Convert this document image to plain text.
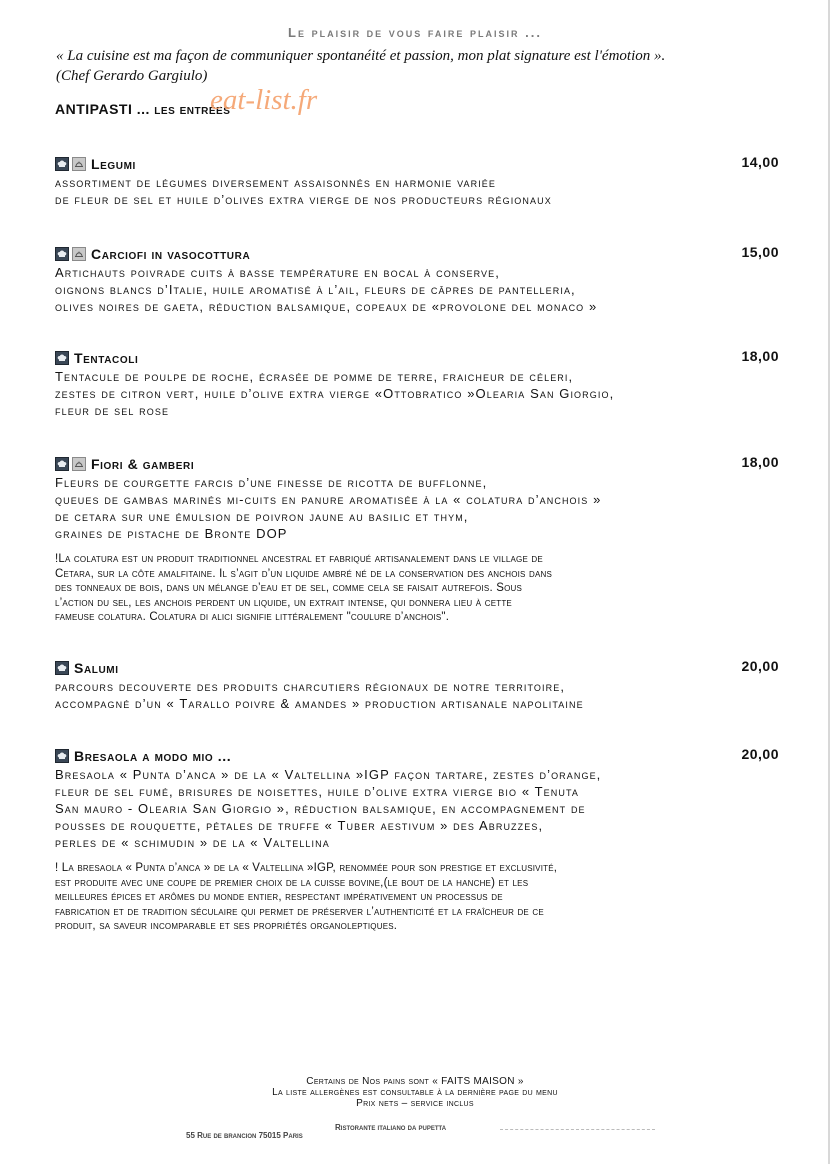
Le plaisir de vous faire plaisir ...
« La cuisine est ma façon de communiquer spontanéité et passion, mon plat signature est l'émotion ».
(Chef Gerardo Gargiulo)
ANTIPASTI ... les entrées
eat-list.fr
Legumi	14,00
assortiment de légumes diversement assaisonnés en harmonie variée
de fleur de sel et huile d’olives extra vierge de nos producteurs régionaux
Carciofi in vasocottura	15,00
Artichauts poivrade cuits à basse température en bocal à conserve,
oignons blancs d’Italie, huile aromatisé à l’ail, fleurs de câpres de pantelleria,
olives noires de gaeta, réduction balsamique, copeaux de «provolone del monaco »
Tentacoli	18,00
Tentacule de poulpe de roche, écrasée de pomme de terre, fraicheur de céleri,
zestes de citron vert, huile d’olive extra vierge «Ottobratico »Olearia San Giorgio,
fleur de sel rose
Fiori & gamberi	18,00
Fleurs de courgette farcis d’une finesse de ricotta de bufflonne,
queues de gambas marinés mi-cuits en panure aromatisée à la « colatura d’anchois »
de cetara sur une émulsion de poivron jaune au basilic et thym,
graines de pistache de Bronte DOP
!La colatura est un produit traditionnel ancestral et fabriqué artisanalement dans le village de
Cetara, sur la côte amalfitaine. Il s’agit d’un liquide ambré né de la conservation des anchois dans
des tonneaux de bois, dans un mélange d’eau et de sel, comme cela se faisait autrefois. Sous
l’action du sel, les anchois perdent un liquide, un extrait intense, qui donnera lieu à cette
fameuse colatura. Colatura di alici signifie littéralement "coulure d’anchois".
Salumi	20,00
parcours decouverte des produits charcutiers régionaux de notre territoire,
accompagné d’un « Tarallo poivre & amandes » production artisanale napolitaine
Bresaola a modo mio ...	20,00
Bresaola « Punta d’anca » de la « Valtellina »IGP façon tartare, zestes d’orange,
fleur de sel fumé, brisures de noisettes, huile d’olive extra vierge bio « Tenuta
San mauro - Olearia San Giorgio », réduction balsamique, en accompagnement de
pousses de rouquette, pétales de truffe « Tuber aestivum » des Abruzzes,
perles de « schimudin » de la « Valtellina
! La bresaola « Punta d’anca » de la « Valtellina »IGP, renommée pour son prestige et exclusivité,
est produite avec une coupe de premier choix de la cuisse bovine,(le bout de la hanche) et les
meilleures épices et arômes du monde entier, respectant impérativement un processus de
fabrication et de tradition séculaire qui permet de préserver l’authenticité et la fraîcheur de ce
produit, sa saveur incomparable et ses propriétés organoleptiques.
Certains de Nos pains sont « FAITS MAISON »
La liste allergènes est consultable à la dernière page du menu
Prix nets – service inclus
Ristorante italiano da pupetta
55 Rue de brancion 75015 Paris
